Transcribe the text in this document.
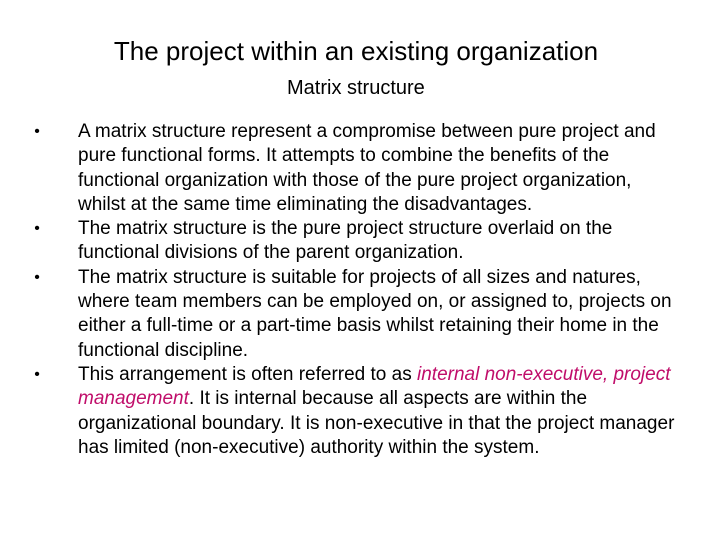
The project within an existing organization
Matrix structure
• A matrix structure represent a compromise between pure project and pure functional forms. It attempts to combine the benefits of the functional organization with those of the pure project organization, whilst at the same time eliminating the disadvantages.
• The matrix structure is the pure project structure overlaid on the functional divisions of the parent organization.
• The matrix structure is suitable for projects of all sizes and natures, where team members can be employed on, or assigned to, projects on either a full-time or a part-time basis whilst retaining their home in the functional discipline.
• This arrangement is often referred to as internal non-executive, project management. It is internal because all aspects are within the organizational boundary. It is non-executive in that the project manager has limited (non-executive) authority within the system.
